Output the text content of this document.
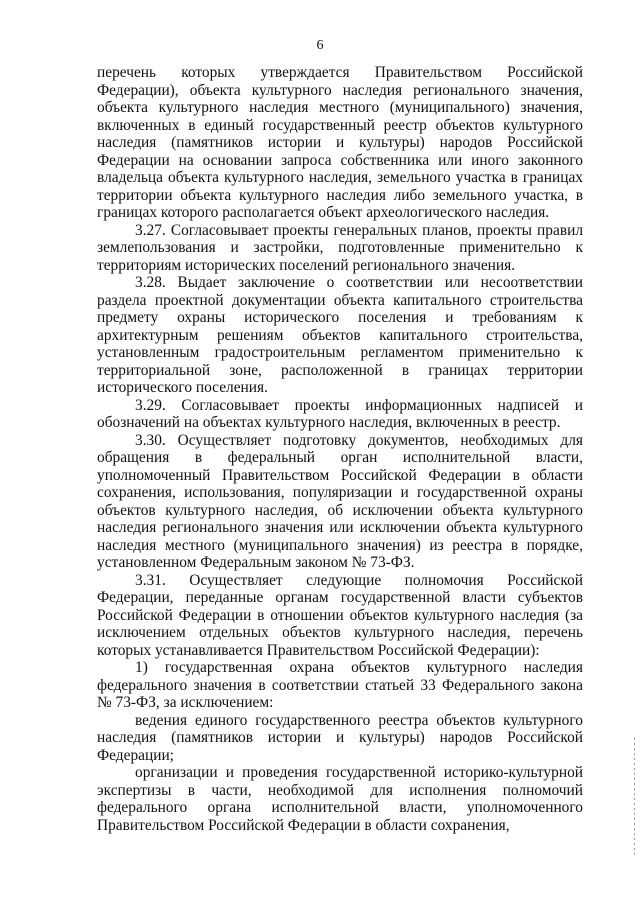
6

перечень которых утверждается Правительством Российской Федерации), объекта культурного наследия регионального значения, объекта культурного наследия местного (муниципального) значения, включенных в единый государственный реестр объектов культурного наследия (памятников истории и культуры) народов Российской Федерации на основании запроса собственника или иного законного владельца объекта культурного наследия, земельного участка в границах территории объекта культурного наследия либо земельного участка, в границах которого располагается объект археологического наследия.

3.27. Согласовывает проекты генеральных планов, проекты правил землепользования и застройки, подготовленные применительно к территориям исторических поселений регионального значения.

3.28. Выдает заключение о соответствии или несоответствии раздела проектной документации объекта капитального строительства предмету охраны исторического поселения и требованиям к архитектурным решениям объектов капитального строительства, установленным градостроительным регламентом применительно к территориальной зоне, расположенной в границах территории исторического поселения.

3.29. Согласовывает проекты информационных надписей и обозначений на объектах культурного наследия, включенных в реестр.

3.30. Осуществляет подготовку документов, необходимых для обращения в федеральный орган исполнительной власти, уполномоченный Правительством Российской Федерации в области сохранения, использования, популяризации и государственной охраны объектов культурного наследия, об исключении объекта культурного наследия регионального значения или исключении объекта культурного наследия местного (муниципального значения) из реестра в порядке, установленном Федеральным законом № 73-ФЗ.

3.31. Осуществляет следующие полномочия Российской Федерации, переданные органам государственной власти субъектов Российской Федерации в отношении объектов культурного наследия (за исключением отдельных объектов культурного наследия, перечень которых устанавливается Правительством Российской Федерации):

1) государственная охрана объектов культурного наследия федерального значения в соответствии статьей 33 Федерального закона № 73-ФЗ, за исключением:

ведения единого государственного реестра объектов культурного наследия (памятников истории и культуры) народов Российской Федерации;

организации и проведения государственной историко-культурной экспертизы в части, необходимой для исполнения полномочий федерального органа исполнительной власти, уполномоченного Правительством Российской Федерации в области сохранения,
